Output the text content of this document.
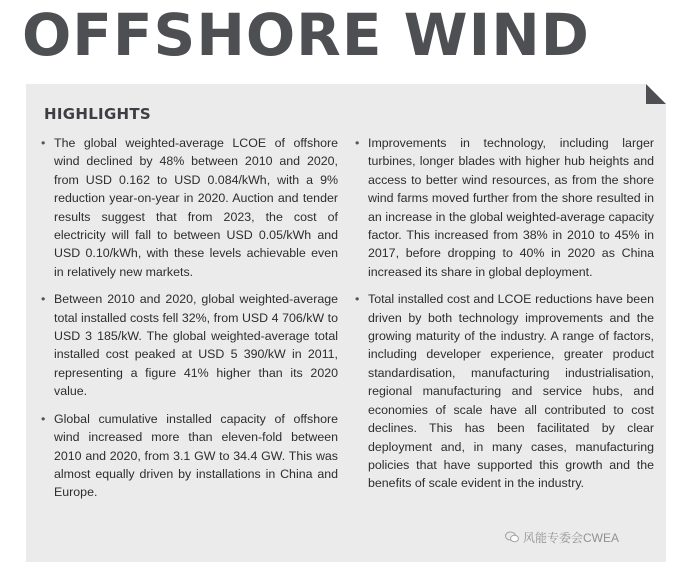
OFFSHORE WIND
HIGHLIGHTS
• The global weighted-average LCOE of offshore wind declined by 48% between 2010 and 2020, from USD 0.162 to USD 0.084/kWh, with a 9% reduction year-on-year in 2020. Auction and tender results suggest that from 2023, the cost of electricity will fall to between USD 0.05/kWh and USD 0.10/kWh, with these levels achievable even in relatively new markets.
• Between 2010 and 2020, global weighted-average total installed costs fell 32%, from USD 4 706/kW to USD 3 185/kW. The global weighted-average total installed cost peaked at USD 5 390/kW in 2011, representing a figure 41% higher than its 2020 value.
• Global cumulative installed capacity of offshore wind increased more than eleven-fold between 2010 and 2020, from 3.1 GW to 34.4 GW. This was almost equally driven by installations in China and Europe.
• Improvements in technology, including larger turbines, longer blades with higher hub heights and access to better wind resources, as from the shore wind farms moved further from the shore resulted in an increase in the global weighted-average capacity factor. This increased from 38% in 2010 to 45% in 2017, before dropping to 40% in 2020 as China increased its share in global deployment.
• Total installed cost and LCOE reductions have been driven by both technology improvements and the growing maturity of the industry. A range of factors, including developer experience, greater product standardisation, manufacturing industrialisation, regional manufacturing and service hubs, and economies of scale have all contributed to cost declines. This has been facilitated by clear deployment and, in many cases, manufacturing policies that have supported this growth and the benefits of scale evident in the industry.
风能专委会CWEA
